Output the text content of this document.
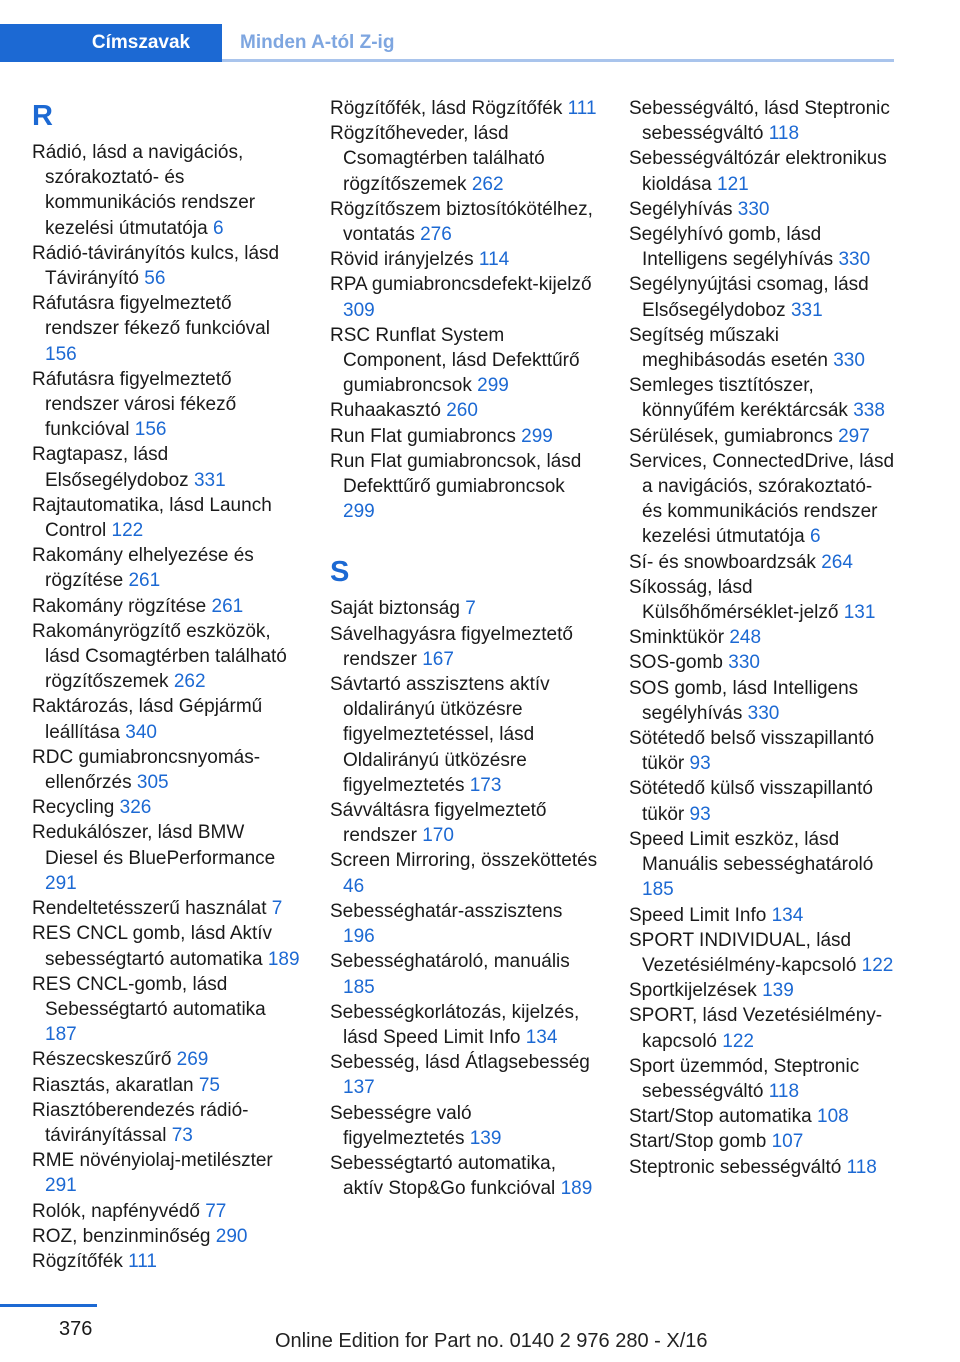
Címszavak	Minden A-tól Z-ig
R
Rádió, lásd a navigációs, szórakoztató- és kommunikációs rendszer kezelési útmutatója 6
Rádió-távirányítós kulcs, lásd Távirányító 56
Ráfutásra figyelmeztető rendszer fékező funkcióval 156
Ráfutásra figyelmeztető rendszer városi fékező funkcióval 156
Ragtapasz, lásd Elsősegélydoboz 331
Rajtautomatika, lásd Launch Control 122
Rakomány elhelyezése és rögzítése 261
Rakomány rögzítése 261
Rakományrögzítő eszközök, lásd Csomagtérben található rögzítőszemek 262
Raktározás, lásd Gépjármű leállítása 340
RDC gumiabroncsnyomás-ellenőrzés 305
Recycling 326
Redukálószer, lásd BMW Diesel és BluePerformance 291
Rendeltetésszerű használat 7
RES CNCL gomb, lásd Aktív sebességtartó automatika 189
RES CNCL-gomb, lásd Sebességtartó automatika 187
Részecskeszűrő 269
Riasztás, akaratlan 75
Riasztóberendezés rádió-távirányítással 73
RME növényiolaj-metilészter 291
Rolók, napfényvédő 77
ROZ, benzinminőség 290
Rögzítőfék 111
Rögzítőfék, lásd Rögzítőfék 111
Rögzítőheveder, lásd Csomagtérben található rögzítőszemek 262
Rögzítőszem biztosítókötélhez, vontatás 276
Rövid irányjelzés 114
RPA gumiabroncsdefekt-kijelző 309
RSC Runflat System Component, lásd Defekttűrő gumiabroncsok 299
Ruhaakasztó 260
Run Flat gumiabroncs 299
Run Flat gumiabroncsok, lásd Defekttűrő gumiabroncsok 299
S
Saját biztonság 7
Sávelhagyásra figyelmeztető rendszer 167
Sávtartó asszisztens aktív oldalirányú ütközésre figyelmeztetéssel, lásd Oldalirányú ütközésre figyelmeztetés 173
Sávváltásra figyelmeztető rendszer 170
Screen Mirroring, összeköttetés 46
Sebességhatár-asszisztens 196
Sebességhatároló, manuális 185
Sebességkorlátozás, kijelzés, lásd Speed Limit Info 134
Sebesség, lásd Átlagsebesség 137
Sebességre való figyelmeztetés 139
Sebességtartó automatika, aktív Stop&Go funkcióval 189
Sebességváltó, lásd Steptronic sebességváltó 118
Sebességváltózár elektronikus kioldása 121
Segélyhívás 330
Segélyhívó gomb, lásd Intelligens segélyhívás 330
Segélynyújtási csomag, lásd Elsősegélydoboz 331
Segítség műszaki meghibásodás esetén 330
Semleges tisztítószer, könnyűfém keréktárcsák 338
Sérülések, gumiabroncs 297
Services, ConnectedDrive, lásd a navigációs, szórakoztató- és kommunikációs rendszer kezelési útmutatója 6
Sí- és snowboardzsák 264
Síkosság, lásd Külsőhőmérséklet-jelző 131
Sminktükör 248
SOS-gomb 330
SOS gomb, lásd Intelligens segélyhívás 330
Sötétedő belső visszapillantó tükör 93
Sötétedő külső visszapillantó tükör 93
Speed Limit eszköz, lásd Manuális sebességhatároló 185
Speed Limit Info 134
SPORT INDIVIDUAL, lásd Vezetésiélmény-kapcsoló 122
Sportkijelzések 139
SPORT, lásd Vezetésiélmény-kapcsoló 122
Sport üzemmód, Steptronic sebességváltó 118
Start/Stop automatika 108
Start/Stop gomb 107
Steptronic sebességváltó 118
376
Online Edition for Part no. 0140 2 976 280 - X/16
